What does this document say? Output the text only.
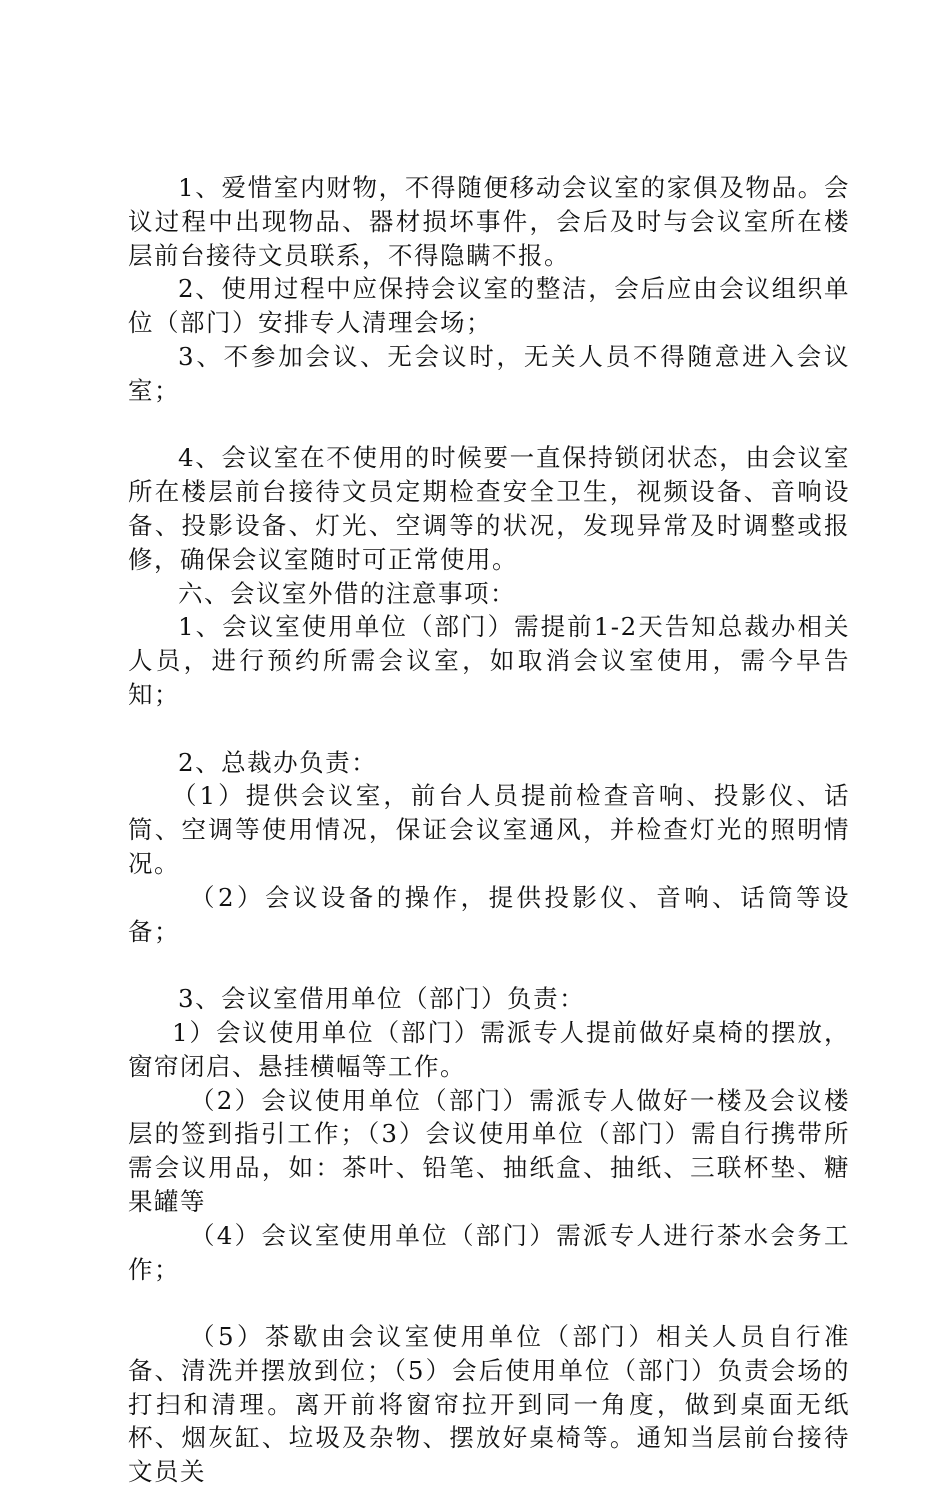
1、爱惜室内财物，不得随便移动会议室的家俱及物品。会议过程中出现物品、器材损坏事件，会后及时与会议室所在楼层前台接待文员联系，不得隐瞒不报。

2、使用过程中应保持会议室的整洁，会后应由会议组织单位（部门）安排专人清理会场；

3、不参加会议、无会议时，无关人员不得随意进入会议室；

4、会议室在不使用的时候要一直保持锁闭状态，由会议室所在楼层前台接待文员定期检查安全卫生，视频设备、音响设备、投影设备、灯光、空调等的状况，发现异常及时调整或报修，确保会议室随时可正常使用。

六、会议室外借的注意事项：

1、会议室使用单位（部门）需提前1-2天告知总裁办相关人员，进行预约所需会议室，如取消会议室使用，需今早告知；

2、总裁办负责：

（1）提供会议室，前台人员提前检查音响、投影仪、话筒、空调等使用情况，保证会议室通风，并检查灯光的照明情况。

（2）会议设备的操作，提供投影仪、音响、话筒等设备；

3、会议室借用单位（部门）负责：

1）会议使用单位（部门）需派专人提前做好桌椅的摆放，窗帘闭启、悬挂横幅等工作。

（2）会议使用单位（部门）需派专人做好一楼及会议楼层的签到指引工作；（3）会议使用单位（部门）需自行携带所需会议用品，如：茶叶、铅笔、抽纸盒、抽纸、三联杯垫、糖果罐等

（4）会议室使用单位（部门）需派专人进行茶水会务工作；

（5）茶歇由会议室使用单位（部门）相关人员自行准备、清洗并摆放到位；（5）会后使用单位（部门）负责会场的打扫和清理。离开前将窗帘拉开到同一角度，做到桌面无纸杯、烟灰缸、垃圾及杂物、摆放好桌椅等。通知当层前台接待文员关
